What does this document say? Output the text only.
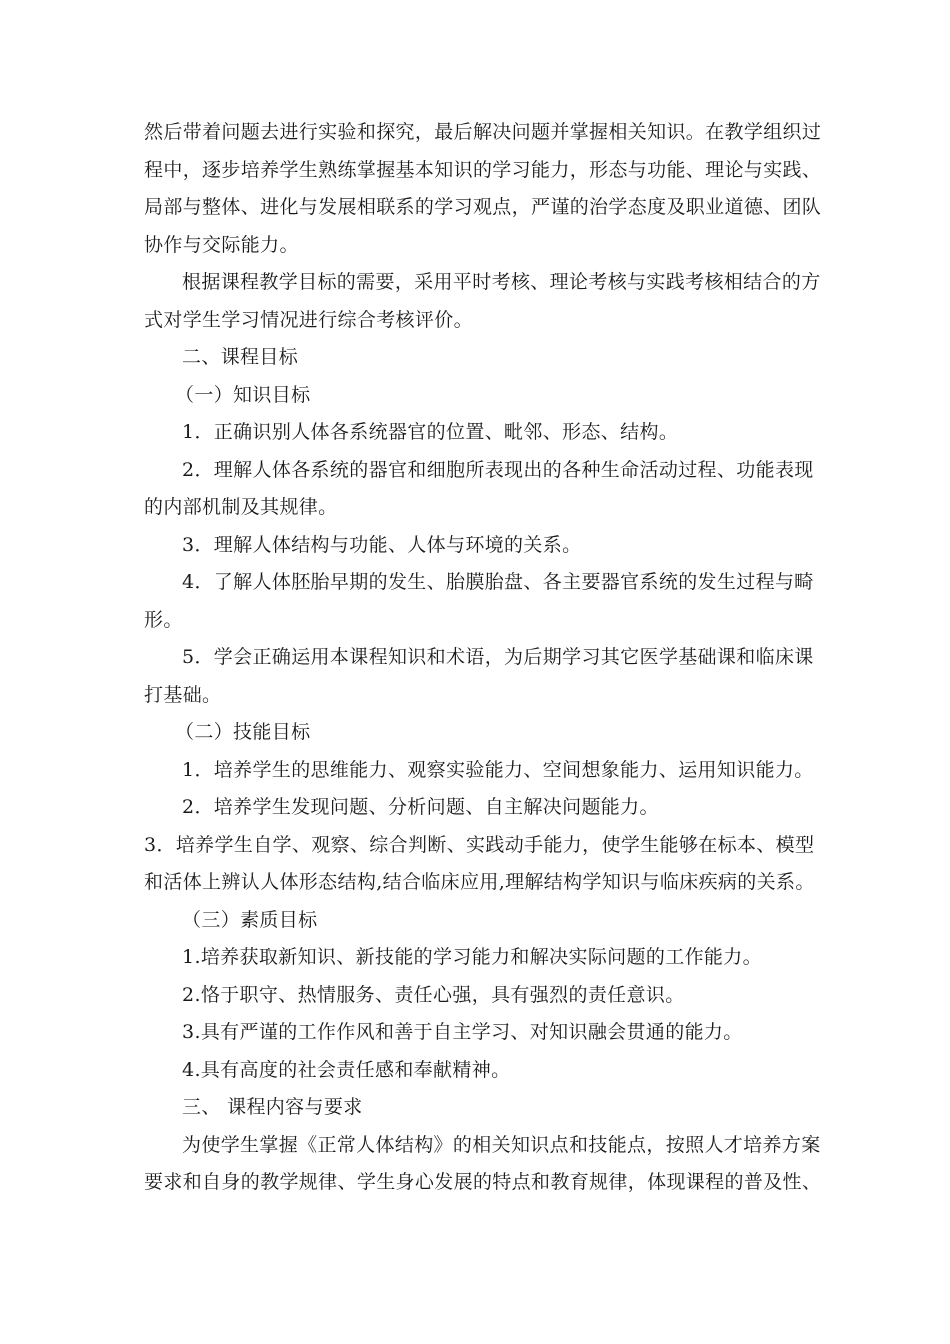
然后带着问题去进行实验和探究，最后解决问题并掌握相关知识。在教学组织过
程中，逐步培养学生熟练掌握基本知识的学习能力，形态与功能、理论与实践、
局部与整体、进化与发展相联系的学习观点，严谨的治学态度及职业道德、团队
协作与交际能力。
根据课程教学目标的需要，采用平时考核、理论考核与实践考核相结合的方
式对学生学习情况进行综合考核评价。
二、课程目标
（一）知识目标
1．正确识别人体各系统器官的位置、毗邻、形态、结构。
2．理解人体各系统的器官和细胞所表现出的各种生命活动过程、功能表现
的内部机制及其规律。
3．理解人体结构与功能、人体与环境的关系。
4．了解人体胚胎早期的发生、胎膜胎盘、各主要器官系统的发生过程与畸
形。
5．学会正确运用本课程知识和术语，为后期学习其它医学基础课和临床课
打基础。
（二）技能目标
1．培养学生的思维能力、观察实验能力、空间想象能力、运用知识能力。
2．培养学生发现问题、分析问题、自主解决问题能力。
3．培养学生自学、观察、综合判断、实践动手能力，使学生能够在标本、模型
和活体上辨认人体形态结构,结合临床应用,理解结构学知识与临床疾病的关系。
（三）素质目标
1.培养获取新知识、新技能的学习能力和解决实际问题的工作能力。
2.恪于职守、热情服务、责任心强，具有强烈的责任意识。
3.具有严谨的工作作风和善于自主学习、对知识融会贯通的能力。
4.具有高度的社会责任感和奉献精神。
三、 课程内容与要求
为使学生掌握《正常人体结构》的相关知识点和技能点，按照人才培养方案
要求和自身的教学规律、学生身心发展的特点和教育规律，体现课程的普及性、
